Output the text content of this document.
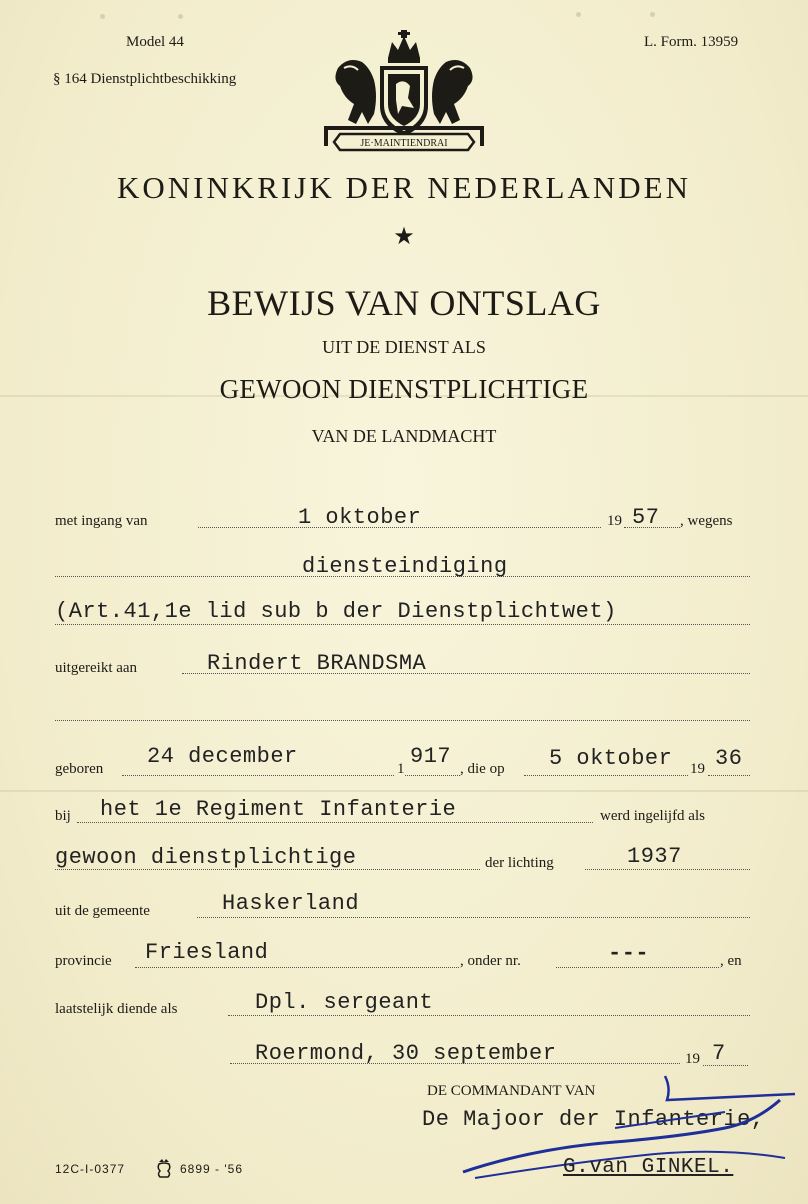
Model 44
§ 164 Dienstplichtbeschikking
L. Form. 13959
JE·MAINTIENDRAI
KONINKRIJK DER NEDERLANDEN
★
BEWIJS VAN ONTSLAG
UIT DE DIENST ALS
GEWOON DIENSTPLICHTIGE
VAN DE LANDMACHT
met ingang van	1 oktober	19 57 , wegens
diensteindiging
(Art.41,1e lid sub b der Dienstplichtwet)
uitgereikt aan	Rindert BRANDSMA
geboren 24 december	1 917 , die op 5 oktober 19 36
bij het 1e Regiment Infanterie	werd ingelijfd als
gewoon dienstplichtige	der lichting	1937
uit de gemeente	Haskerland
provincie Friesland	, onder nr.	---	, en
laatstelijk diende als	Dpl. sergeant
Roermond, 30 september	19 7
DE COMMANDANT VAN
De Majoor der Infanterie,
G.van GINKEL.
12C-I-0377	6899 - '56
